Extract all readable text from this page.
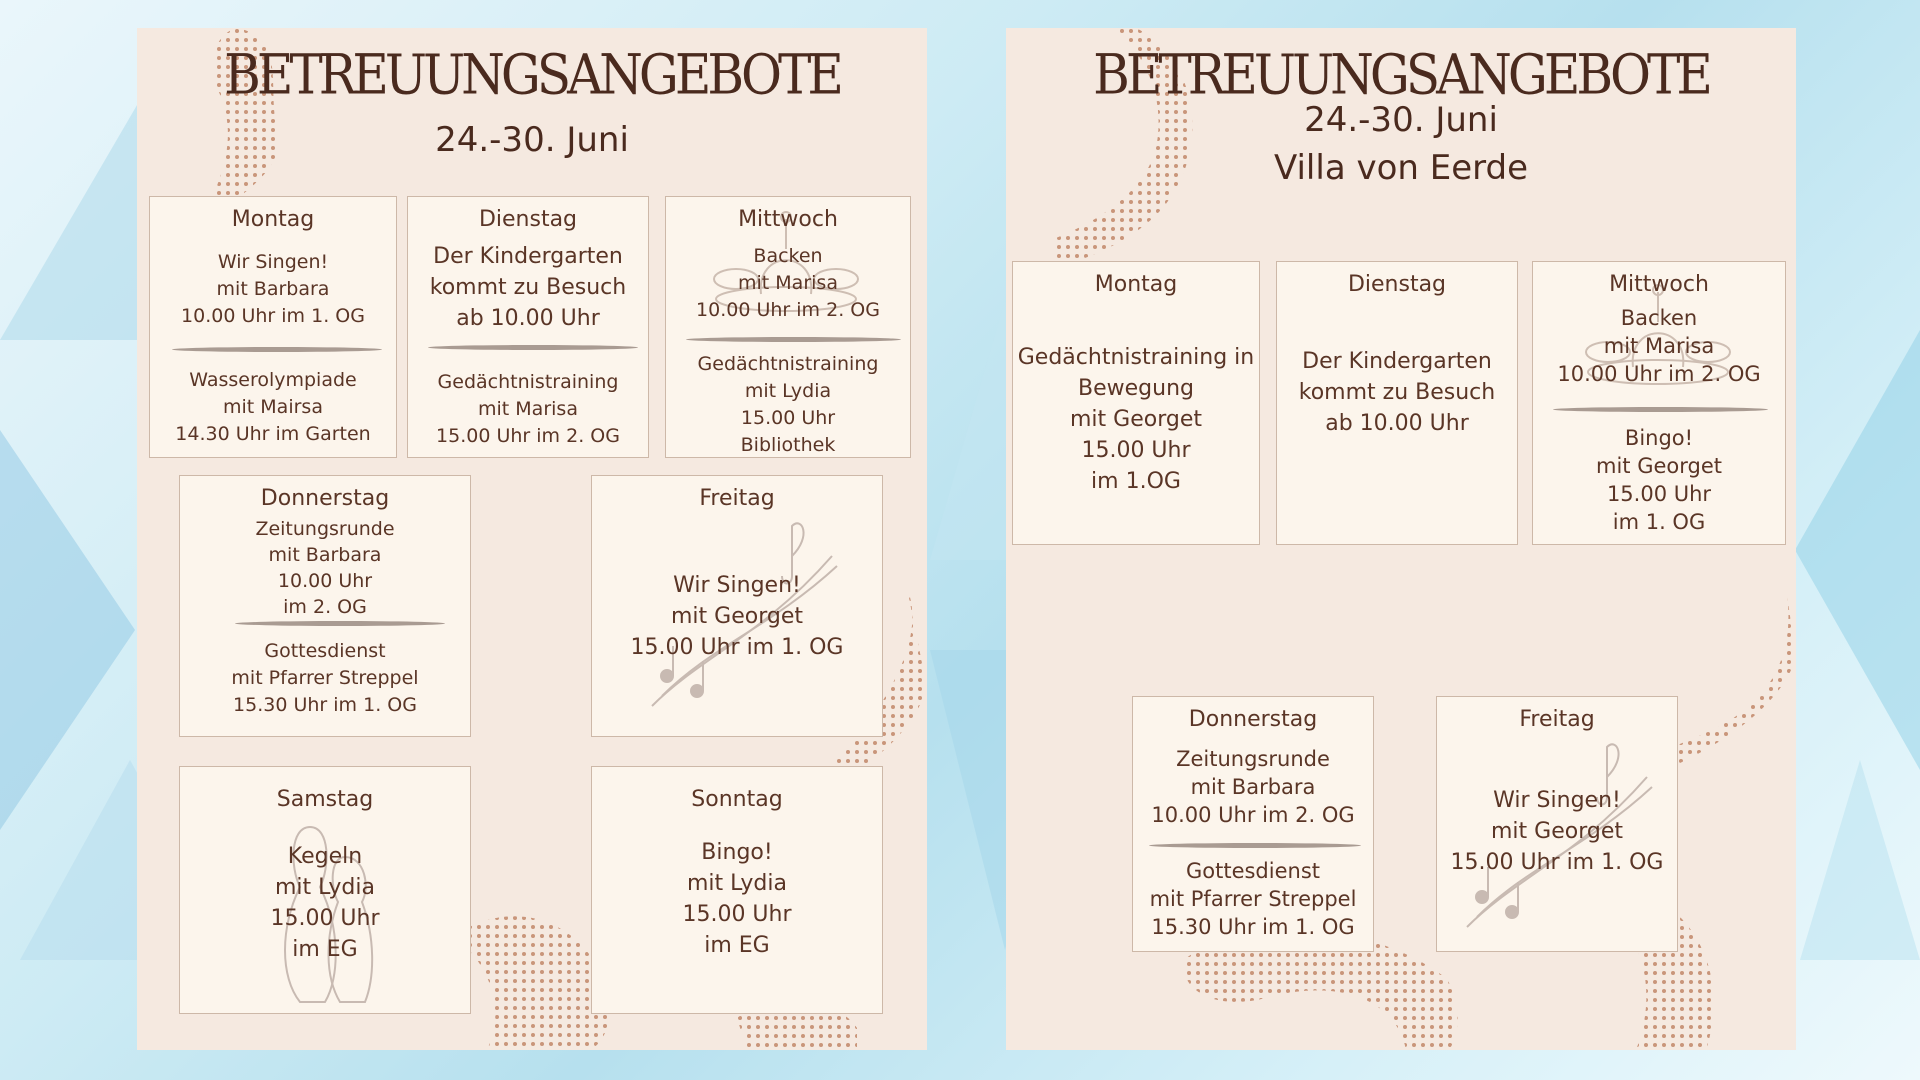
BETREUUNGSANGEBOTE
24.-30. Juni
Montag
Wir Singen!
mit Barbara
10.00 Uhr im 1. OG
Wasserolympiade
mit Mairsa
14.30 Uhr im Garten
Dienstag
Der Kindergarten
kommt zu Besuch
ab 10.00 Uhr
Gedächtnistraining
mit Marisa
15.00 Uhr im 2. OG
Mittwoch
Backen
mit Marisa
10.00 Uhr im 2. OG
Gedächtnistraining
mit Lydia
15.00 Uhr
Bibliothek
Donnerstag
Zeitungsrunde
mit Barbara
10.00 Uhr
im 2. OG
Gottesdienst
mit Pfarrer Streppel
15.30 Uhr im 1. OG
Freitag
Wir Singen!
mit Georget
15.00 Uhr im 1. OG
Samstag
Kegeln
mit Lydia
15.00 Uhr
im EG
Sonntag
Bingo!
mit Lydia
15.00 Uhr
im EG
BETREUUNGSANGEBOTE
24.-30. Juni
Villa von Eerde
Montag
Gedächtnistraining in
Bewegung
mit Georget
15.00 Uhr
im 1.OG
Dienstag
Der Kindergarten
kommt zu Besuch
ab 10.00 Uhr
Mittwoch
Backen
mit Marisa
10.00 Uhr im 2. OG
Bingo!
mit Georget
15.00 Uhr
im 1. OG
Donnerstag
Zeitungsrunde
mit Barbara
10.00 Uhr im 2. OG
Gottesdienst
mit Pfarrer Streppel
15.30 Uhr im 1. OG
Freitag
Wir Singen!
mit Georget
15.00 Uhr im 1. OG
